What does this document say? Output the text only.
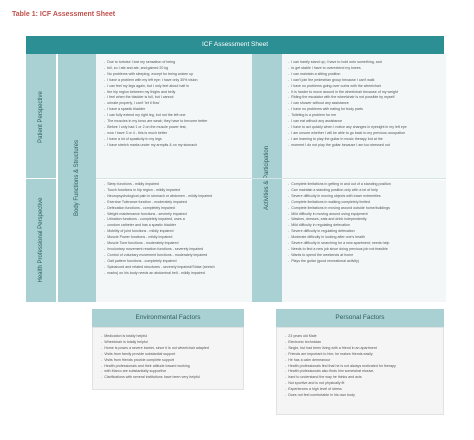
Table 1: ICF Assessment Sheet
ICF Assessment Sheet
Patient Perspective
Health Professional Perspective
Body Functions & Structures
- Due to tortoise I lost my sensation of being
- full, so I ate and ate, and gained 20 kg
- No problems with sleeping, except for being woken up
- I have a problem with my left eye: I have only 30% vision
- I can feel my legs again, but I only feel about half in
- the hip region between my thighs and belly
- I feel when the bladder is full, but I cannot
- urinate properly, I can't 'let it flow'
- I have a spastic bladder
- I can fully extend my right leg, but not the left one
- The muscles in my torso are weak; they have to become better
- Before I only had 1 or 2 on the muscle power test,
- now I have 3 or 4 - this is much better
- I have a lot of spasticity in my legs
- I have stretch marks under my armpits & on my stomach
- I can hardly stand up; I have to hold onto something, and
- to get stable I have to overextend my knees
- I can maintain a sitting position
- I can't join the pedestrian group because I can't walk
- I have no problems going over curbs with the wheelchair
- It is harder to move around in the wheelchair because of my weight
- Riding the escalator with the wheelchair is not possible by myself
- I can shower without any assistance
- I have no problems with eating for body parts
- Toileting is a problem for me
- I can eat without any assistance
- I have to act quickly when I notice any changes in eyesight in my left eye
- I am unsure whether I will be able to go back to my previous occupation
- I am learning to play the guitar in music therapy but at the
- moment I do not play the guitar because I am too stressed out
- Sleep functions - mildly impaired
- Touch functions in hip region - mildly impaired
- Neuropsychological pain in stomach or abdomen - mildly impaired
- Exercise Tolerance function - moderately impaired
- Defecation functions - completely impaired
- Weight maintenance functions - severely impaired
- Urination functions - completely impaired, uses a
- condom catheter and has a spastic bladder
- Mobility of joint functions - mildly impaired
- Muscle Power functions - mildly impaired
- Muscle Tone functions - moderately impaired
- Involuntary movement reaction functions - severely impaired
- Control of voluntary movement functions - moderately impaired
- Gait pattern functions - completely impaired
- Spinalcord and related structures - severely impaired/Striae (stretch
- marks) on his body needs an abdominal belt - mildly impaired
- Complete limitations in getting in and out of a standing position
- Can maintain a standing position only with a lot of help
- Severe difficulty in moving objects with lower extremities
- Complete limitations in walking completely limited
- Complete limitations in moving around outside home/buildings
- Mild difficulty in moving around using equipment
- Washes, dresses, eats and drink independently
- Mild difficulty in regulating defecation
- Severe difficulty in regulating defecation
- Moderate difficulty in looking after one's health
- Severe difficulty in searching for a new apartment; needs help
- Needs to find a new job since doing previous job not feasible
- Wants to spend the weekends at home
- Plays the guitar (good recreational activity)
Environmental Factors
- Medication is totally helpful
- Wheelchair is totally helpful
- Home is poses a severe barrier, since it is not wheelchair adapted
- Visits from family provide substantial support
- Visits from friends provide complete support
- Health professionals and their attitude toward working
- with Marco are substantially supportive
- Clarifications with several institutions have been very helpful
Personal Factors
- 23 years old Male
- Electronic technician
- Single, but had been living with a friend in an apartment
- Friends are important to him; he makes friends easily
- He has a calm demeanour
- Health professionals find that he is not always motivated for therapy
- Health professionals also finds him somewhat elusive,
- hard to understand the way he thinks and acts
- Not sportive and is not physically fit
- Experiences a high level of stress
- Does not feel comfortable in his own body
